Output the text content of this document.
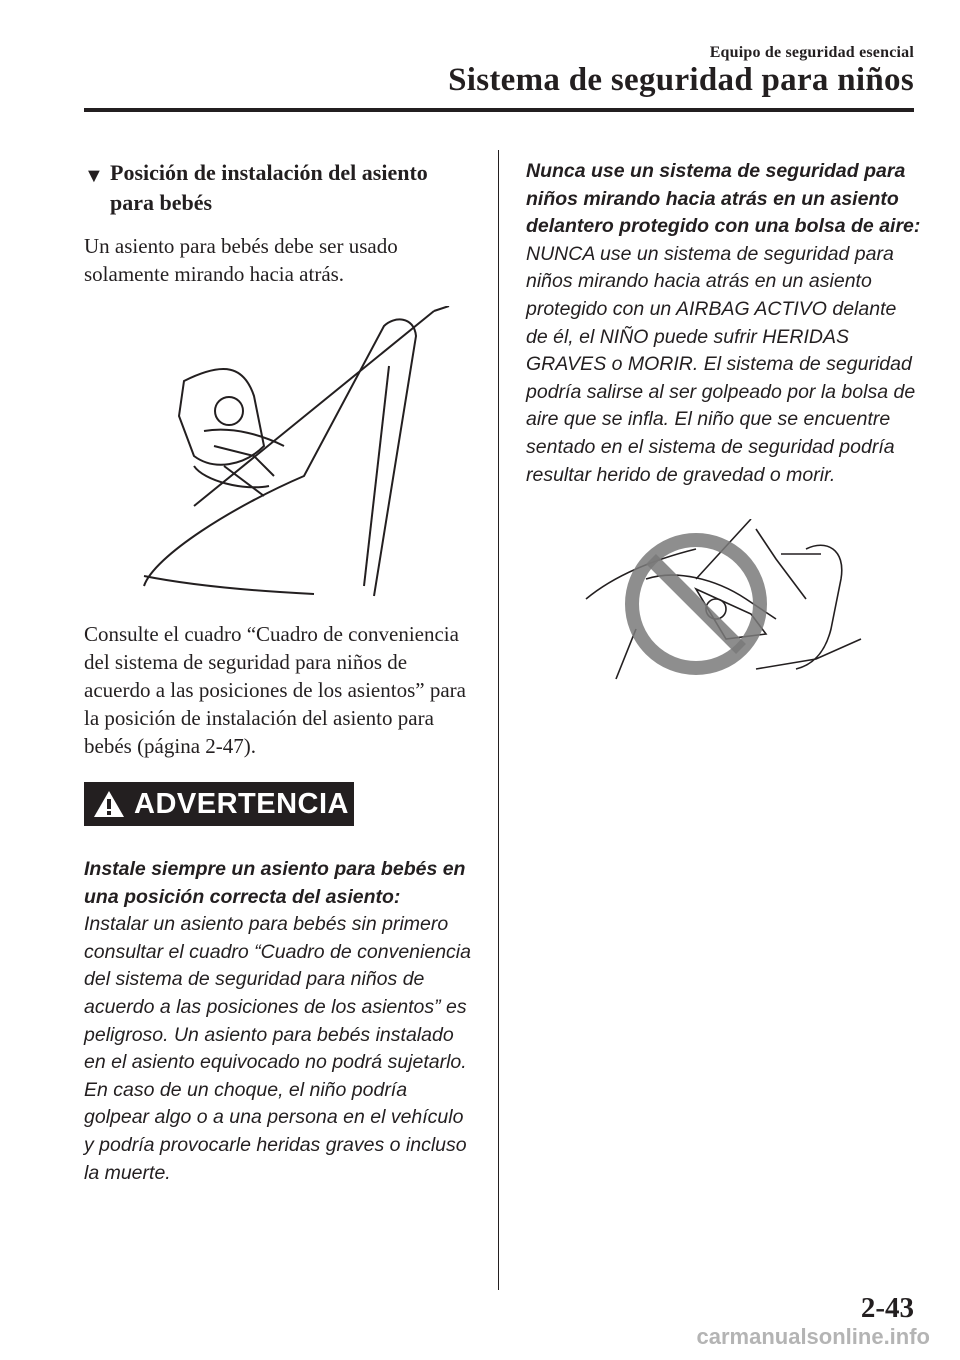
Equipo de seguridad esencial
Sistema de seguridad para niños
▼ Posición de instalación del asiento para bebés
Un asiento para bebés debe ser usado solamente mirando hacia atrás.
Consulte el cuadro “Cuadro de conveniencia del sistema de seguridad para niños de acuerdo a las posiciones de los asientos” para la posición de instalación del asiento para bebés (página 2-47).
ADVERTENCIA
Instale siempre un asiento para bebés en una posición correcta del asiento:
Instalar un asiento para bebés sin primero consultar el cuadro “Cuadro de conveniencia del sistema de seguridad para niños de acuerdo a las posiciones de los asientos” es peligroso. Un asiento para bebés instalado en el asiento equivocado no podrá sujetarlo. En caso de un choque, el niño podría golpear algo o a una persona en el vehículo y podría provocarle heridas graves o incluso la muerte.
Nunca use un sistema de seguridad para niños mirando hacia atrás en un asiento delantero protegido con una bolsa de aire:
NUNCA use un sistema de seguridad para niños mirando hacia atrás en un asiento protegido con un AIRBAG ACTIVO delante de él, el NIÑO puede sufrir HERIDAS GRAVES o MORIR. El sistema de seguridad podría salirse al ser golpeado por la bolsa de aire que se infla. El niño que se encuentre sentado en el sistema de seguridad podría resultar herido de gravedad o morir.
2-43
carmanualsonline.info
